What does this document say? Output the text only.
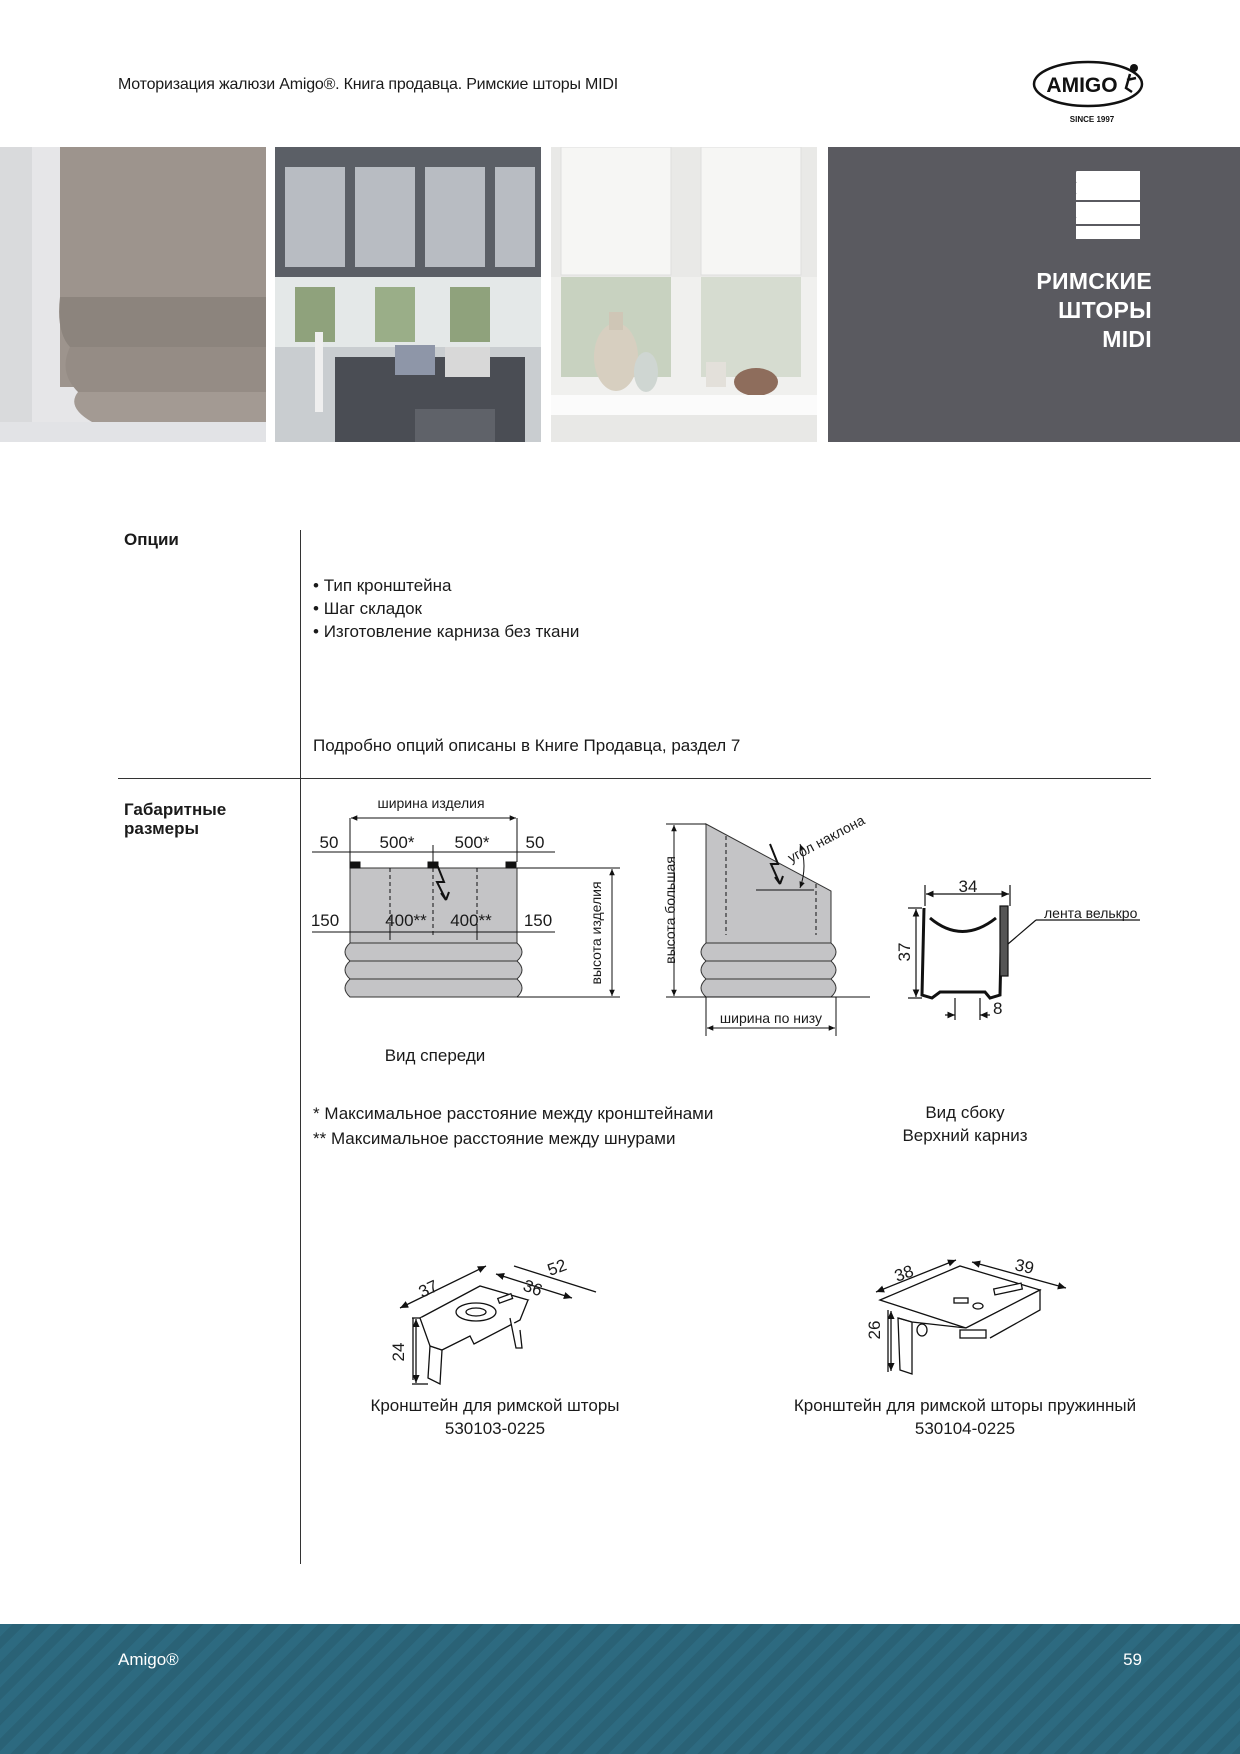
Моторизация жалюзи Amigo®. Книга продавца. Римские шторы MIDI	AMIGO
SINCE 1997
РИМСКИЕ
ШТОРЫ
MIDI
Опции
• Тип кронштейна
• Шаг складок
• Изготовление карниза без ткани
Подробно опций описаны в Книге Продавца, раздел 7
Габаритные
размеры
ширина изделия
50 500* 500* 50
150	400** 400** 150	высота изделия	высота большая
угол наклона
ширина по низу
34
37
8
лента велькро
37	36
52
24
38	39
26
Вид спереди
* Максимальное расстояние между кронштейнами
** Максимальное расстояние между шнурами
Вид сбоку
Верхний карниз
Кронштейн для римской шторы
530103-0225
Кронштейн для римской шторы пружинный
530104-0225
Amigo®	59
